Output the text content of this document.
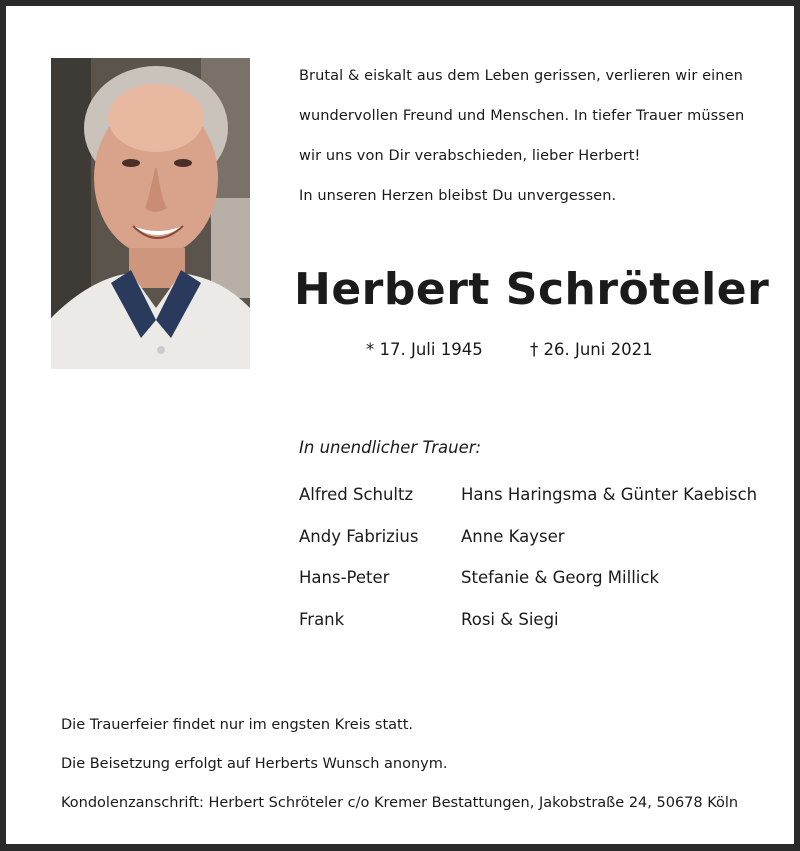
Brutal & eiskalt aus dem Leben gerissen, verlieren wir einen

wundervollen Freund und Menschen. In tiefer Trauer müssen

wir uns von Dir verabschieden, lieber Herbert!

In unseren Herzen bleibst Du unvergessen.

Herbert Schröteler
* 17. Juli 1945	† 26. Juni 2021
In unendlicher Trauer:
Alfred Schultz	Hans Haringsma & Günter Kaebisch
Andy Fabrizius	Anne Kayser
Hans-Peter	Stefanie & Georg Millick
Frank	Rosi & Siegi

Die Trauerfeier findet nur im engsten Kreis statt.

Die Beisetzung erfolgt auf Herberts Wunsch anonym.

Kondolenzanschrift: Herbert Schröteler c/o Kremer Bestattungen, Jakobstraße 24, 50678 Köln
